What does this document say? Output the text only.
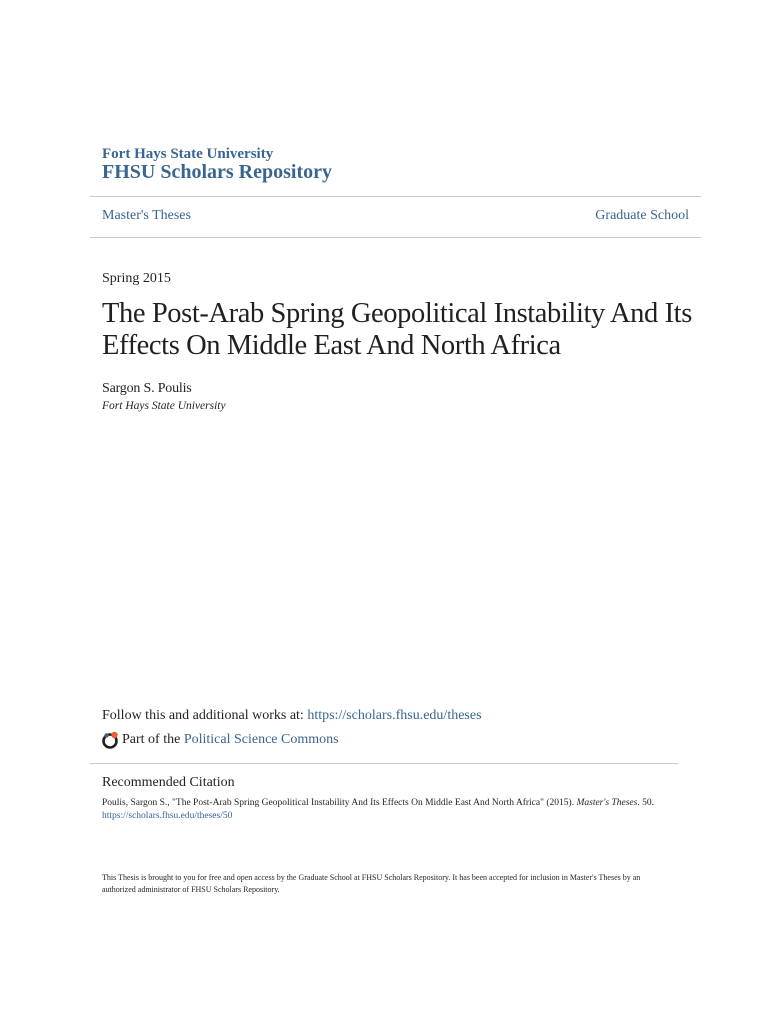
Fort Hays State University
FHSU Scholars Repository
Master's Theses	Graduate School
Spring 2015
The Post-Arab Spring Geopolitical Instability And Its Effects On Middle East And North Africa
Sargon S. Poulis
Fort Hays State University
Follow this and additional works at: https://scholars.fhsu.edu/theses
Part of the
Political Science Commons
Recommended Citation
Poulis, Sargon S., "The Post-Arab Spring Geopolitical Instability And Its Effects On Middle East And North Africa" (2015). Master's Theses. 50.
https://scholars.fhsu.edu/theses/50
This Thesis is brought to you for free and open access by the Graduate School at FHSU Scholars Repository. It has been accepted for inclusion in Master's Theses by an authorized administrator of FHSU Scholars Repository.
